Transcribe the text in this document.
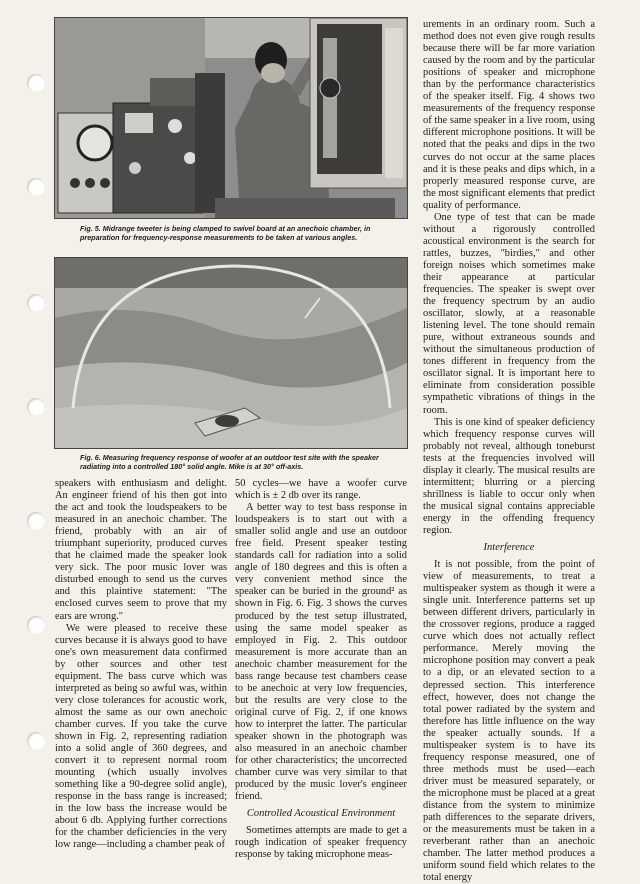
Fig. 5. Midrange tweeter is being clamped to swivel board at an anechoic chamber, in preparation for frequency-response measurements to be taken at various angles.
Fig. 6. Measuring frequency response of woofer at an outdoor test site with the speaker radiating into a controlled 180° solid angle. Mike is at 30° off-axis.

speakers with enthusiasm and delight. An engineer friend of his then got into the act and took the loudspeakers to be measured in an anechoic chamber. The friend, probably with an air of triumphant superiority, produced curves that he claimed made the speaker look very sick. The poor music lover was disturbed enough to send us the curves and this plaintive statement: "The enclosed curves seem to prove that my ears are wrong."

We were pleased to receive these curves because it is always good to have one's own measurement data confirmed by other sources and other test equipment. The bass curve which was interpreted as being so awful was, within very close tolerances for acoustic work, almost the same as our own anechoic chamber curves. If you take the curve shown in Fig. 2, representing radiation into a solid angle of 360 degrees, and convert it to represent normal room mounting (which usually involves something like a 90-degree solid angle), response in the bass range is increased; in the low bass the increase would be about 6 db. Applying further corrections for the chamber deficiencies in the very low range—including a chamber peak of

50 cycles—we have a woofer curve which is ± 2 db over its range.

A better way to test bass response in loudspeakers is to start out with a smaller solid angle and use an outdoor free field. Present speaker testing standards call for radiation into a solid angle of 180 degrees and this is often a very convenient method since the speaker can be buried in the ground² as shown in Fig. 6. Fig. 3 shows the curves produced by the test setup illustrated, using the same model speaker as employed in Fig. 2. This outdoor measurement is more accurate than an anechoic chamber measurement for the bass range because test chambers cease to be anechoic at very low frequencies, but the results are very close to the original curve of Fig. 2, if one knows how to interpret the latter. The particular speaker shown in the photograph was also measured in an anechoic chamber for other characteristics; the uncorrected chamber curve was very similar to that produced by the music lover's engineer friend.

Controlled Acoustical Environment

Sometimes attempts are made to get a rough indication of speaker frequency response by taking microphone meas-

urements in an ordinary room. Such a method does not even give rough results because there will be far more variation caused by the room and by the particular positions of speaker and microphone than by the performance characteristics of the speaker itself. Fig. 4 shows two measurements of the frequency response of the same speaker in a live room, using different microphone positions. It will be noted that the peaks and dips in the two curves do not occur at the same places and it is these peaks and dips which, in a properly measured response curve, are the most significant elements that predict quality of performance.

One type of test that can be made without a rigorously controlled acoustical environment is the search for rattles, buzzes, "birdies," and other foreign noises which sometimes make their appearance at particular frequencies. The speaker is swept over the frequency spectrum by an audio oscillator, slowly, at a reasonable listening level. The tone should remain pure, without extraneous sounds and without the simultaneous production of tones different in frequency from the oscillator signal. It is important here to eliminate from consideration possible sympathetic vibrations of things in the room.

This is one kind of speaker deficiency which frequency response curves will probably not reveal, although toneburst tests at the frequencies involved will display it clearly. The musical results are intermittent; blurring or a piercing shrillness is liable to occur only when the musical signal contains appreciable energy in the offending frequency region.

Interference

It is not possible, from the point of view of measurements, to treat a multispeaker system as though it were a single unit. Interference patterns set up between different drivers, particularly in the crossover regions, produce a ragged curve which does not actually reflect performance. Merely moving the microphone position may convert a peak to a dip, or an elevated section to a depressed section. This interference effect, however, does not change the total power radiated by the system and therefore has little influence on the way the speaker actually sounds. If a multispeaker system is to have its frequency response measured, one of three methods must be used—each driver must be measured separately, or the microphone must be placed at a great distance from the system to minimize path differences to the separate drivers, or the measurements must be taken in a reverberant rather than an anechoic chamber. The latter method produces a uniform sound field which relates to the total energy
